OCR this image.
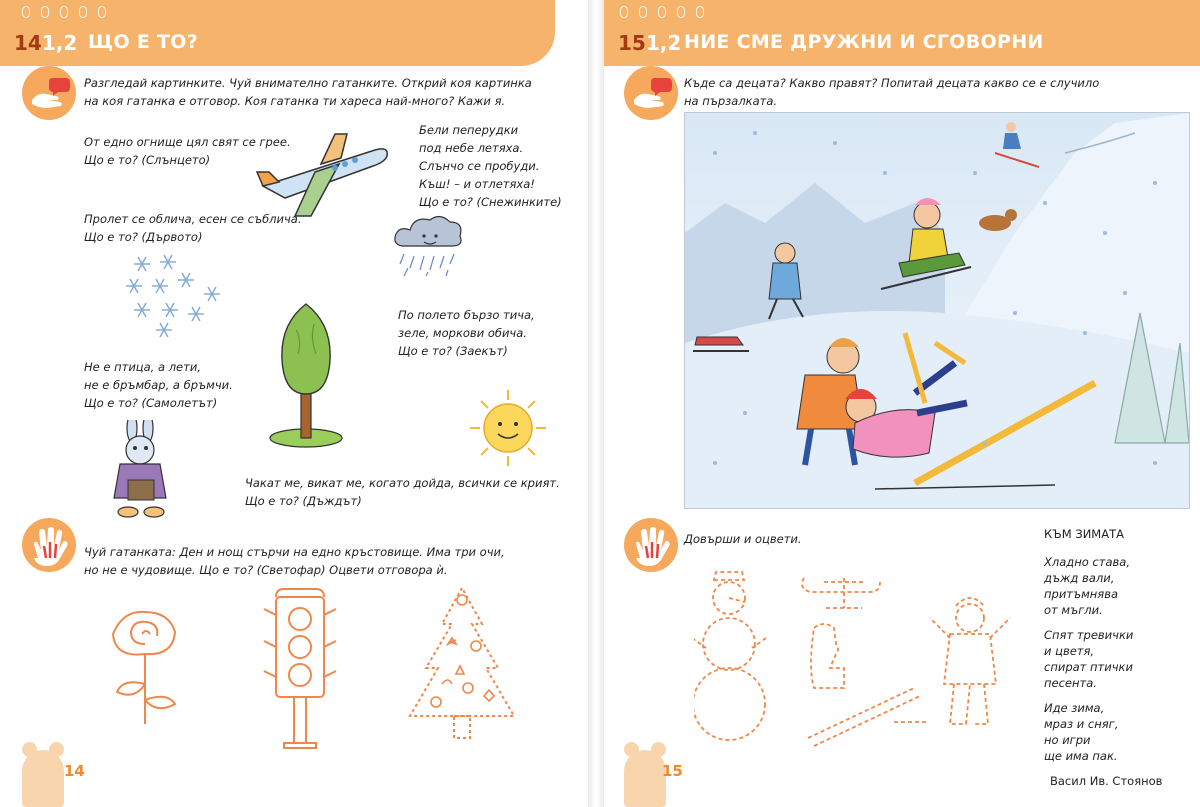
141,2 ЩО Е ТО?
Разгледай картинките. Чуй внимателно гатанките. Открий коя картинка
на коя гатанка е отговор. Коя гатанка ти хареса най-много? Кажи я.
От едно огнище цял свят се грее.
Що е то? (Слънцето)
Бели пеперудки
под небе летяха.
Слънчо се пробуди.
Къш! – и отлетяха!
Що е то? (Снежинките)
Пролет се облича, есен се съблича.
Що е то? (Дървото)
По полето бързо тича,
зеле, моркови обича.
Що е то? (Заекът)
Не е птица, а лети,
не е бръмбар, а бръмчи.
Що е то? (Самолетът)
Чакат ме, викат ме, когато дойда, всички се крият.
Що е то? (Дъждът)
Чуй гатанката: Ден и нощ стърчи на едно кръстовище. Има три очи,
но не е чудовище. Що е то? (Светофар) Оцвети отговора ѝ.
14
151,2 НИЕ СМЕ ДРУЖНИ И СГОВОРНИ
Къде са децата? Какво правят? Попитай децата какво се е случило
на пързалката.
Довърши и оцвети.	КЪМ ЗИМАТА
Хладно става,
дъжд вали,
притъмнява
от мъгли.
Спят тревички
и цветя,
спират птички
песента.
Иде зима,
мраз и сняг,
но игри
ще има пак.
Васил Ив. Стоянов
15
